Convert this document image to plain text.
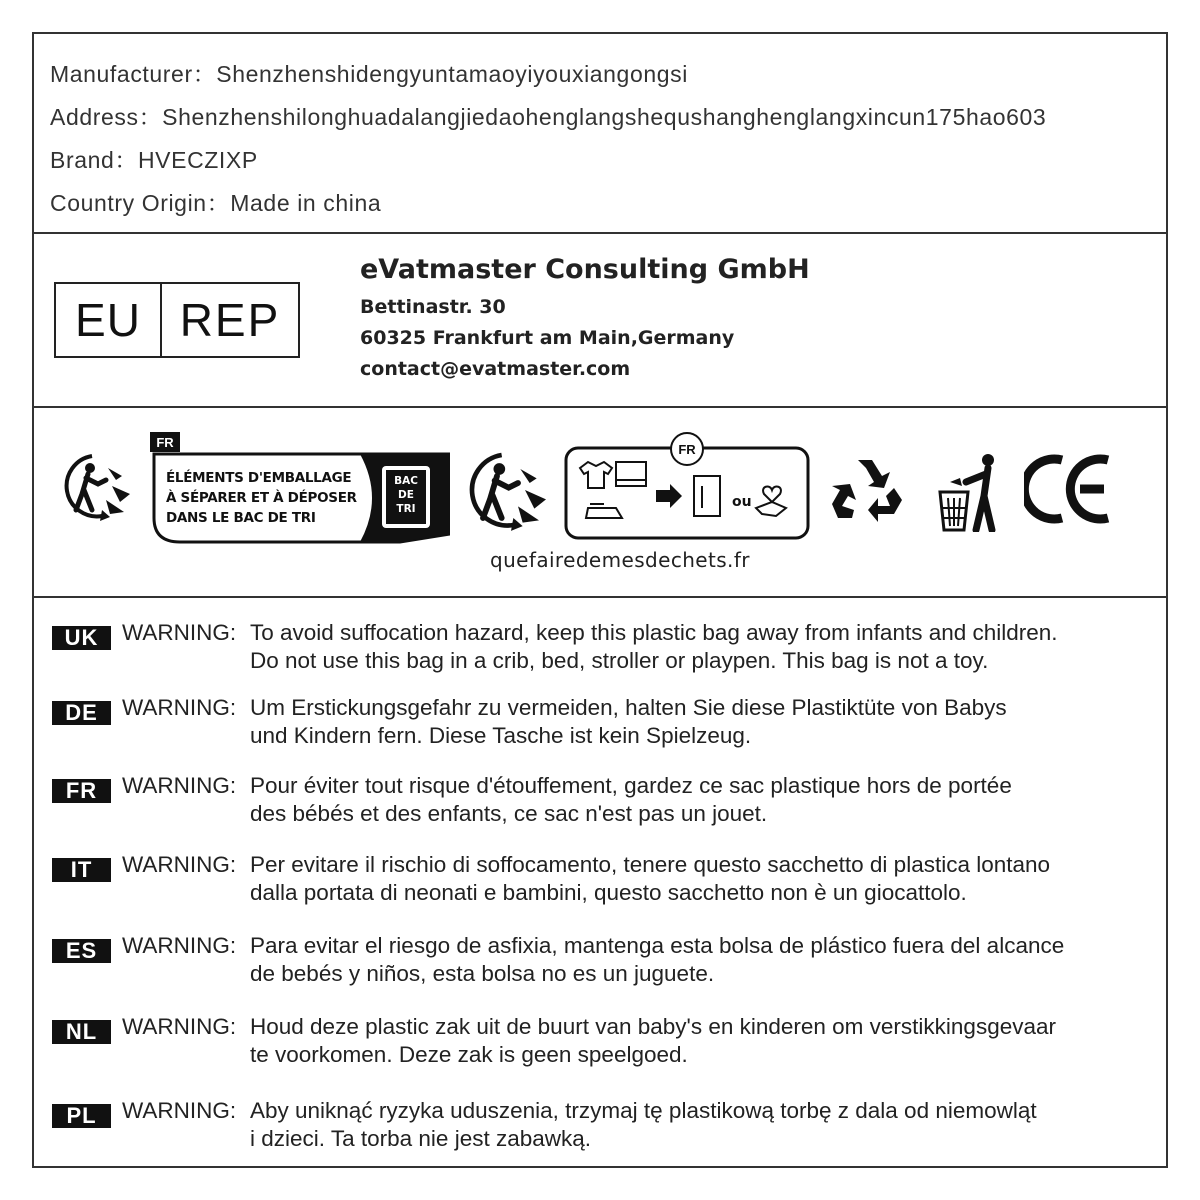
Manufacturer：Shenzhenshidengyuntamaoyiyouxiangongsi
Address：Shenzhenshilonghuadalangjiedaohenglangshequshanghenglangxincun175hao603
Brand：HVECZIXP
Country Origin：Made in china
EU REP
eVatmaster Consulting GmbH
Bettinastr. 30
60325 Frankfurt am Main,Germany
contact@evatmaster.com
FR
ÉLÉMENTS D'EMBALLAGE
À SÉPARER ET À DÉPOSER
DANS LE BAC DE TRI
BAC
DE
TRI	ou
FR
quefairedemesdechets.fr
UK	WARNING: To avoid suffocation hazard, keep this plastic bag away from infants and children.
Do not use this bag in a crib, bed, stroller or playpen. This bag is not a toy.
DE	WARNING: Um Erstickungsgefahr zu vermeiden, halten Sie diese Plastiktüte von Babys
und Kindern fern. Diese Tasche ist kein Spielzeug.
FR	WARNING: Pour éviter tout risque d'étouffement, gardez ce sac plastique hors de portée
des bébés et des enfants, ce sac n'est pas un jouet.
IT	WARNING: Per evitare il rischio di soffocamento, tenere questo sacchetto di plastica lontano
dalla portata di neonati e bambini, questo sacchetto non è un giocattolo.
ES	WARNING: Para evitar el riesgo de asfixia, mantenga esta bolsa de plástico fuera del alcance
de bebés y niños, esta bolsa no es un juguete.
NL	WARNING: Houd deze plastic zak uit de buurt van baby's en kinderen om verstikkingsgevaar
te voorkomen. Deze zak is geen speelgoed.
PL	WARNING: Aby uniknąć ryzyka uduszenia, trzymaj tę plastikową torbę z dala od niemowląt
i dzieci. Ta torba nie jest zabawką.
